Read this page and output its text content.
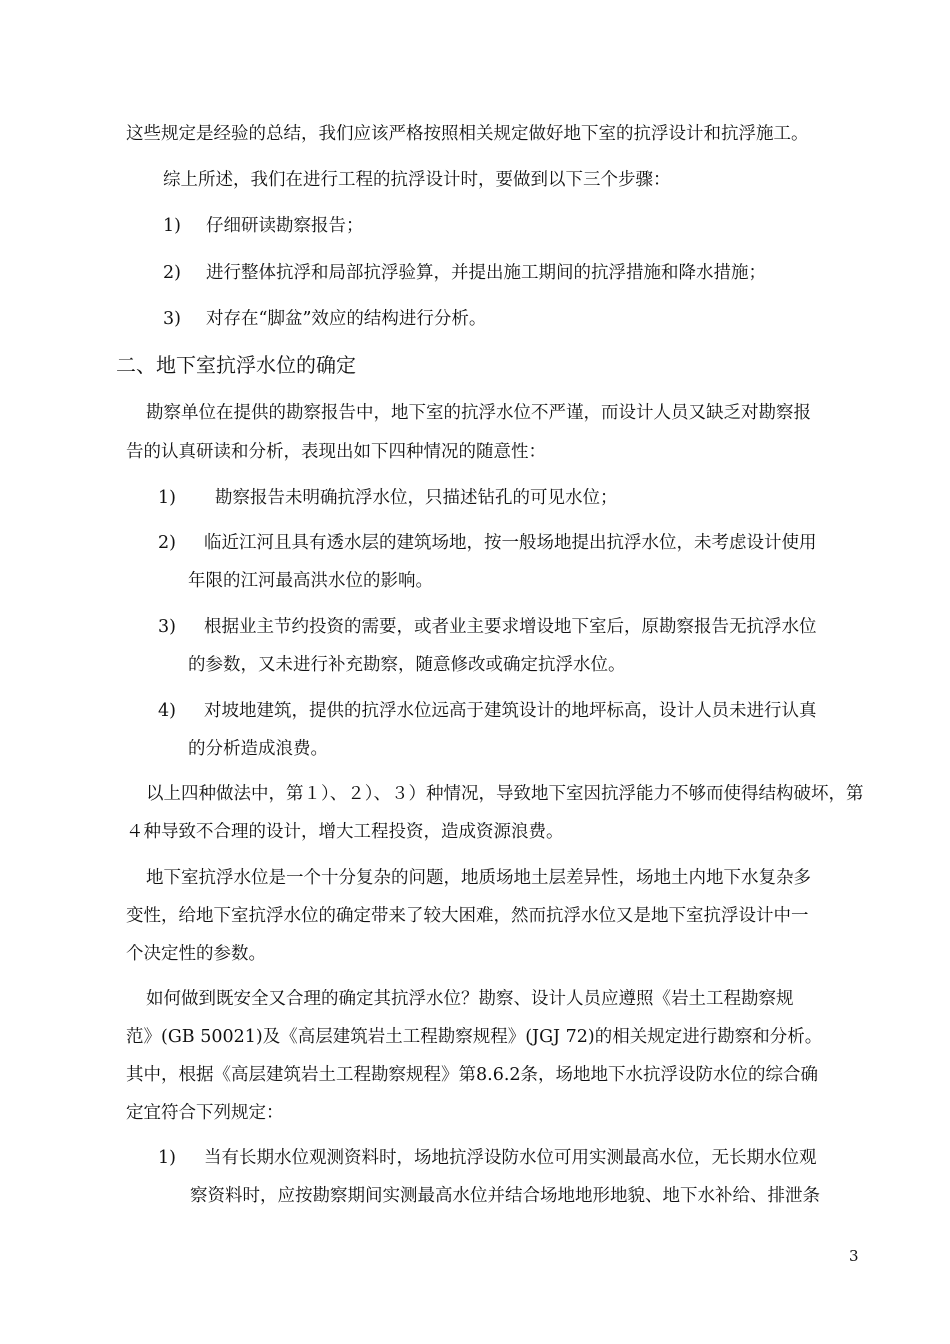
这些规定是经验的总结，我们应该严格按照相关规定做好地下室的抗浮设计和抗浮施工。
综上所述，我们在进行工程的抗浮设计时，要做到以下三个步骤：
1) 仔细研读勘察报告；
2) 进行整体抗浮和局部抗浮验算，并提出施工期间的抗浮措施和降水措施；
3) 对存在“脚盆”效应的结构进行分析。
二、地下室抗浮水位的确定
勘察单位在提供的勘察报告中，地下室的抗浮水位不严谨，而设计人员又缺乏对勘察报
告的认真研读和分析，表现出如下四种情况的随意性：
1) 勘察报告未明确抗浮水位，只描述钻孔的可见水位；
2) 临近江河且具有透水层的建筑场地，按一般场地提出抗浮水位，未考虑设计使用
年限的江河最高洪水位的影响。
3) 根据业主节约投资的需要，或者业主要求增设地下室后，原勘察报告无抗浮水位
的参数，又未进行补充勘察，随意修改或确定抗浮水位。
4) 对坡地建筑，提供的抗浮水位远高于建筑设计的地坪标高，设计人员未进行认真
的分析造成浪费。
以上四种做法中，第１）、２）、３）种情况，导致地下室因抗浮能力不够而使得结构破坏，第
４种导致不合理的设计，增大工程投资，造成资源浪费。
地下室抗浮水位是一个十分复杂的问题，地质场地土层差异性，场地土内地下水复杂多
变性，给地下室抗浮水位的确定带来了较大困难，然而抗浮水位又是地下室抗浮设计中一
个决定性的参数。
如何做到既安全又合理的确定其抗浮水位？勘察、设计人员应遵照《岩土工程勘察规
范》(GB 50021)及《高层建筑岩土工程勘察规程》(JGJ 72)的相关规定进行勘察和分析。
其中，根据《高层建筑岩土工程勘察规程》第8.6.2条，场地地下水抗浮设防水位的综合确
定宜符合下列规定：
1) 当有长期水位观测资料时，场地抗浮设防水位可用实测最高水位，无长期水位观
察资料时，应按勘察期间实测最高水位并结合场地地形地貌、地下水补给、排泄条
3
